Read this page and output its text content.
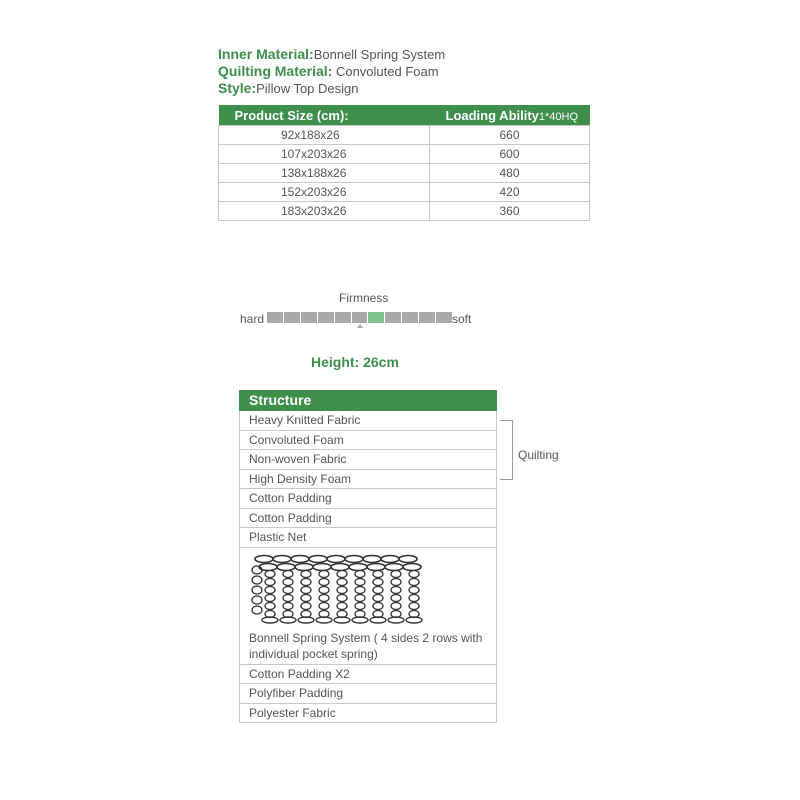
Inner Material:Bonnell Spring System
Quilting Material: Convoluted Foam
Style:Pillow Top Design
Product Size (cm):	Loading Ability1*40HQ
92x188x26	660
107x203x26	600
138x188x26	480
152x203x26	420
183x203x26	360
Firmness
hard	soft
Height: 26cm
Structure
Heavy Knitted Fabric
Convoluted Foam
Non-woven Fabric
High Density Foam
Cotton Padding
Cotton Padding
Plastic Net
Bonnell Spring System ( 4 sides 2 rows with individual pocket spring)
Cotton Padding X2
Polyfiber Padding
Polyester Fabric
Quilting
